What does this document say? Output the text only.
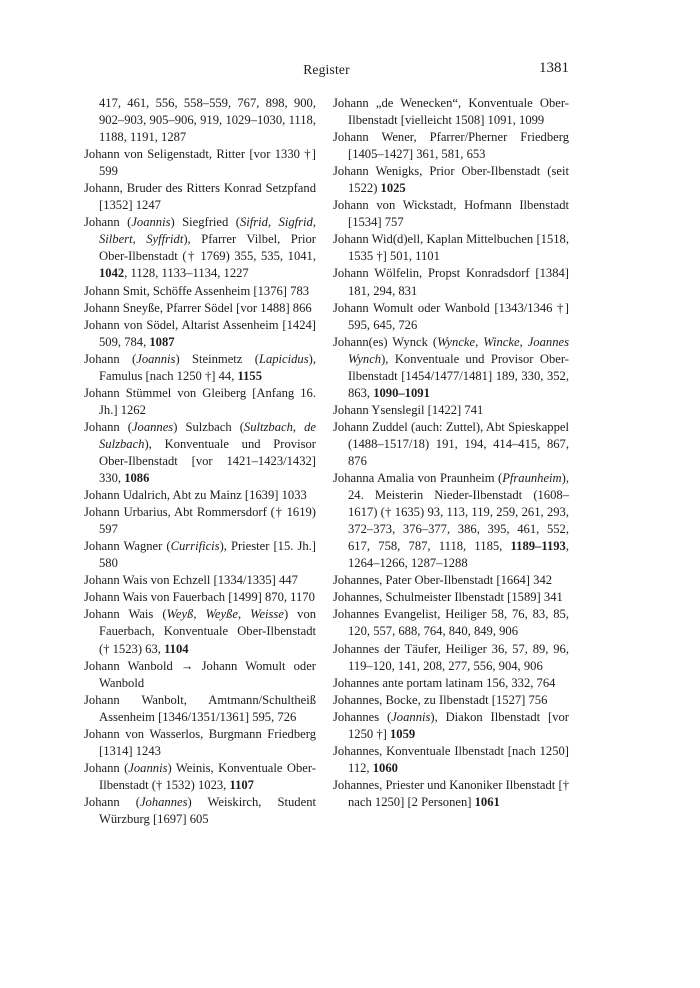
Register	1381

417, 461, 556, 558–559, 767, 898, 900, 902–903, 905–906, 919, 1029–1030, 1118, 1188, 1191, 1287

Johann von Seligenstadt, Ritter [vor 1330 †] 599

Johann, Bruder des Ritters Konrad Setzpfand [1352] 1247

Johann (Joannis) Siegfried (Sifrid, Sigfrid, Silbert, Syffridt), Pfarrer Vilbel, Prior Ober-Ilbenstadt († 1769) 355, 535, 1041, 1042, 1128, 1133–1134, 1227

Johann Smit, Schöffe Assenheim [1376] 783

Johann Sneyße, Pfarrer Södel [vor 1488] 866

Johann von Södel, Altarist Assenheim [1424] 509, 784, 1087

Johann (Joannis) Steinmetz (Lapicidus), Famulus [nach 1250 †] 44, 1155

Johann Stümmel von Gleiberg [Anfang 16. Jh.] 1262

Johann (Joannes) Sulzbach (Sultzbach, de Sulzbach), Konventuale und Provisor Ober-Ilbenstadt [vor 1421–1423/1432] 330, 1086

Johann Udalrich, Abt zu Mainz [1639] 1033

Johann Urbarius, Abt Rommersdorf († 1619) 597

Johann Wagner (Currificis), Priester [15. Jh.] 580

Johann Wais von Echzell [1334/1335] 447

Johann Wais von Fauerbach [1499] 870, 1170

Johann Wais (Weyß, Weyße, Weisse) von Fauerbach, Konventuale Ober-Ilbenstadt († 1523) 63, 1104

Johann Wanbold → Johann Womult oder Wanbold

Johann Wanbolt, Amtmann/Schultheiß Assenheim [1346/1351/1361] 595, 726

Johann von Wasserlos, Burgmann Friedberg [1314] 1243

Johann (Joannis) Weinis, Konventuale Ober-Ilbenstadt († 1532) 1023, 1107

Johann (Johannes) Weiskirch, Student Würzburg [1697] 605

Johann „de Wenecken“, Konventuale Ober-Ilbenstadt [vielleicht 1508] 1091, 1099

Johann Wener, Pfarrer/Pherner Friedberg [1405–1427] 361, 581, 653

Johann Wenigks, Prior Ober-Ilbenstadt (seit 1522) 1025

Johann von Wickstadt, Hofmann Ilbenstadt [1534] 757

Johann Wid(d)ell, Kaplan Mittelbuchen [1518, 1535 †] 501, 1101

Johann Wölfelin, Propst Konradsdorf [1384] 181, 294, 831

Johann Womult oder Wanbold [1343/1346 †] 595, 645, 726

Johann(es) Wynck (Wyncke, Wincke, Joannes Wynch), Konventuale und Provisor Ober-Ilbenstadt [1454/1477/1481] 189, 330, 352, 863, 1090–1091

Johann Ysenslegil [1422] 741

Johann Zuddel (auch: Zuttel), Abt Spieskappel (1488–1517/18) 191, 194, 414–415, 867, 876

Johanna Amalia von Praunheim (Pfraunheim), 24. Meisterin Nieder-Ilbenstadt (1608–1617) († 1635) 93, 113, 119, 259, 261, 293, 372–373, 376–377, 386, 395, 461, 552, 617, 758, 787, 1118, 1185, 1189–1193, 1264–1266, 1287–1288

Johannes, Pater Ober-Ilbenstadt [1664] 342

Johannes, Schulmeister Ilbenstadt [1589] 341

Johannes Evangelist, Heiliger 58, 76, 83, 85, 120, 557, 688, 764, 840, 849, 906

Johannes der Täufer, Heiliger 36, 57, 89, 96, 119–120, 141, 208, 277, 556, 904, 906

Johannes ante portam latinam 156, 332, 764

Johannes, Bocke, zu Ilbenstadt [1527] 756

Johannes (Joannis), Diakon Ilbenstadt [vor 1250 †] 1059

Johannes, Konventuale Ilbenstadt [nach 1250] 112, 1060

Johannes, Priester und Kanoniker Ilbenstadt [† nach 1250] [2 Personen] 1061
